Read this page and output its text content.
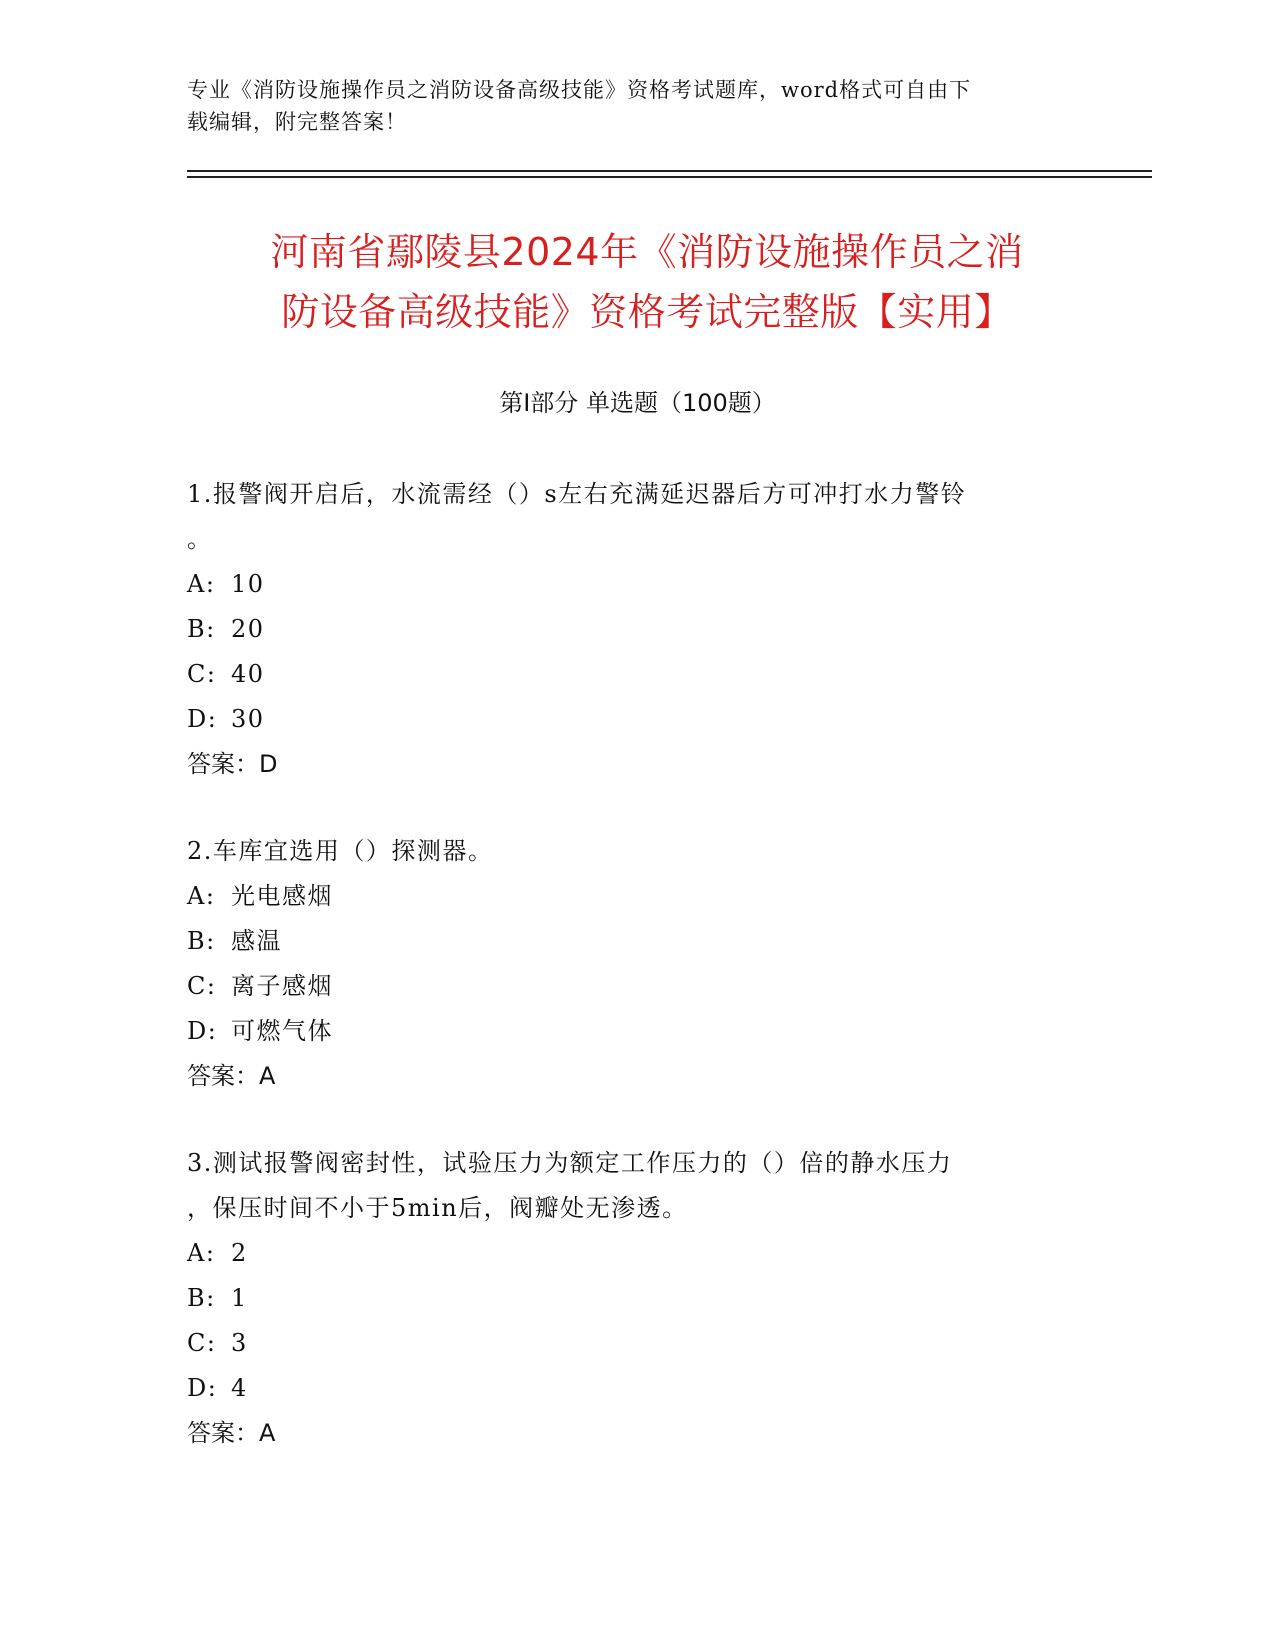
专业《消防设施操作员之消防设备高级技能》资格考试题库，word格式可自由下
载编辑，附完整答案！
河南省鄢陵县2024年《消防设施操作员之消
防设备高级技能》资格考试完整版【实用】
第Ⅰ部分 单选题（100题）

1.报警阀开启后，水流需经（）s左右充满延迟器后方可冲打水力警铃

。

A: 10

B: 20

C: 40

D: 30

答案：D

2.车库宜选用（）探测器。

A: 光电感烟

B: 感温

C: 离子感烟

D: 可燃气体

答案：A

3.测试报警阀密封性，试验压力为额定工作压力的（）倍的静水压力

，保压时间不小于5min后，阀瓣处无渗透。

A: 2

B: 1

C: 3

D: 4

答案：A
